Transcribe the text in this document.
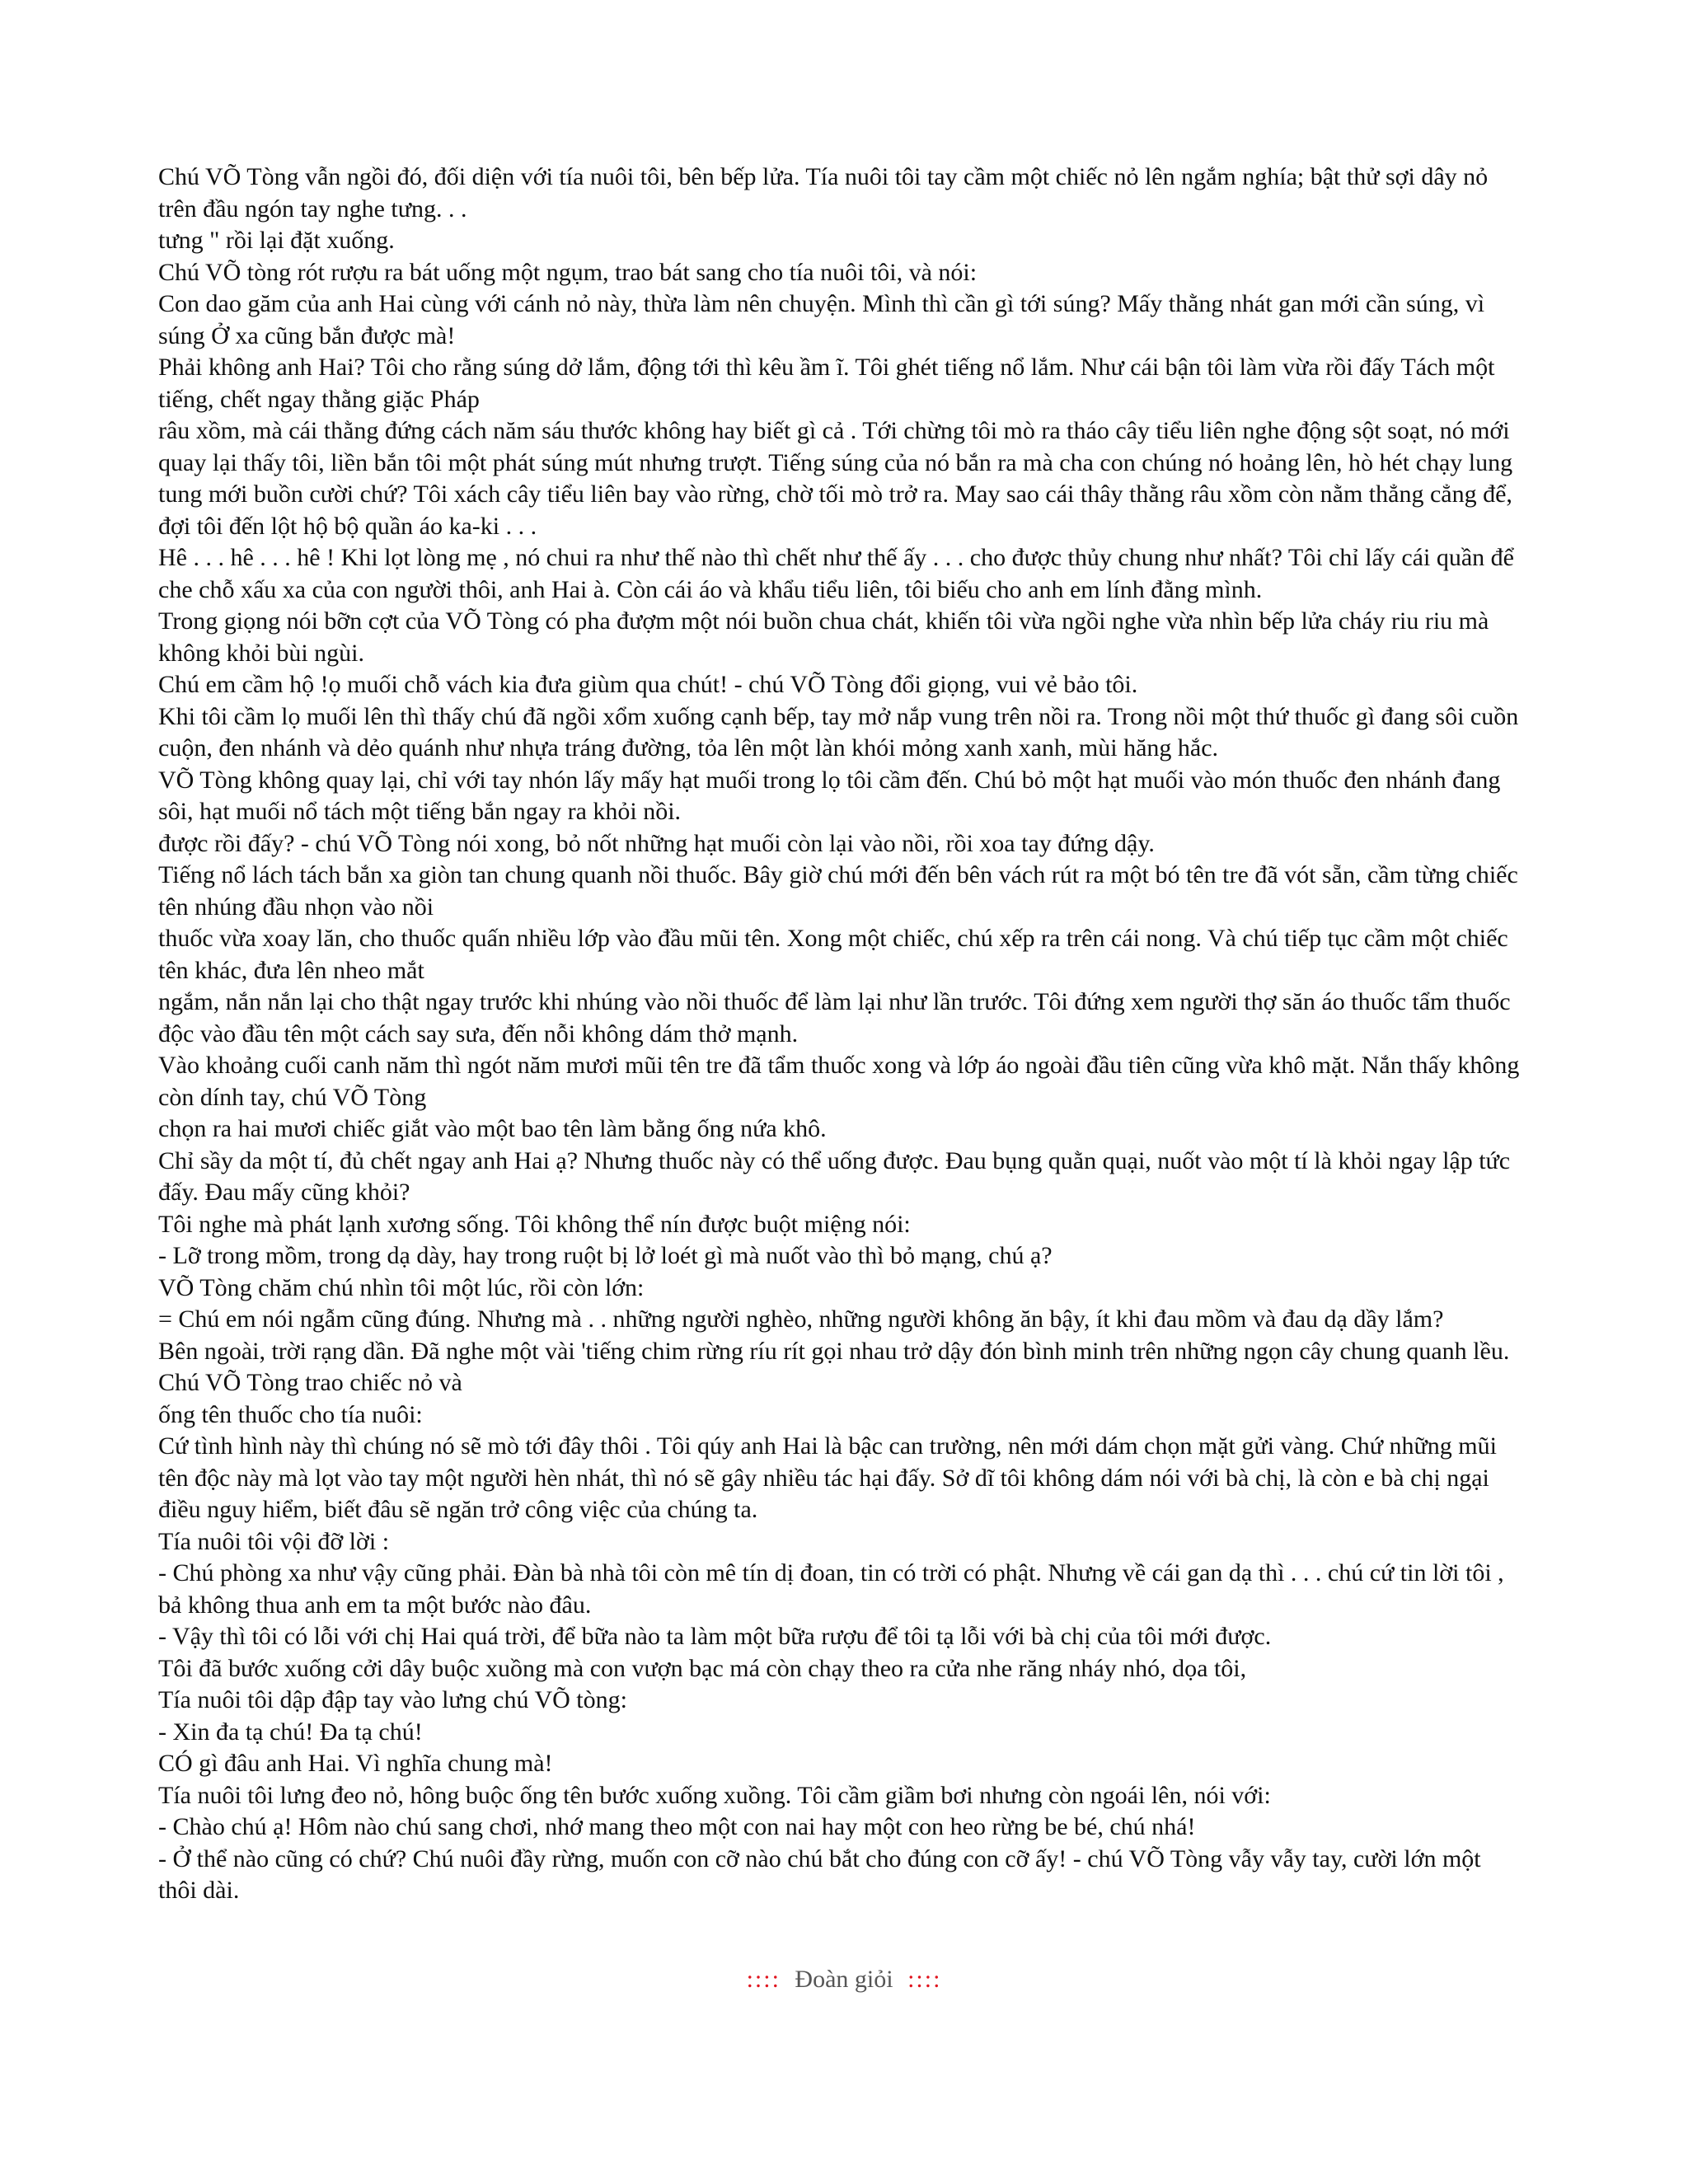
Chú VÕ Tòng vẫn ngồi đó, đối diện với tía nuôi tôi, bên bếp lửa. Tía nuôi tôi tay cầm một chiếc nỏ lên ngắm nghía; bật thử sợi dây nỏ trên đầu ngón tay nghe tưng. . .

tưng " rồi lại đặt xuống.

Chú VÕ tòng rót rượu ra bát uống một ngụm, trao bát sang cho tía nuôi tôi, và nói:

Con dao găm của anh Hai cùng với cánh nỏ này, thừa làm nên chuyện. Mình thì cần gì tới súng? Mấy thằng nhát gan mới cần súng, vì súng Ở xa cũng bắn được mà!

Phải không anh Hai? Tôi cho rằng súng dở lắm, động tới thì kêu ầm ĩ. Tôi ghét tiếng nổ lắm. Như cái bận tôi làm vừa rồi đấy Tách một tiếng, chết ngay thằng giặc Pháp

râu xồm, mà cái thằng đứng cách năm sáu thước không hay biết gì cả . Tới chừng tôi mò ra tháo cây tiểu liên nghe động sột soạt, nó mới quay lại thấy tôi, liền bắn tôi một phát súng mút nhưng trượt. Tiếng súng của nó bắn ra mà cha con chúng nó hoảng lên, hò hét chạy lung tung mới buồn cười chứ? Tôi xách cây tiểu liên bay vào rừng, chờ tối mò trở ra. May sao cái thây thằng râu xồm còn nằm thẳng cẳng để, đợi tôi đến lột hộ bộ quần áo ka-ki . . .

Hê . . . hê . . . hê ! Khi lọt lòng mẹ , nó chui ra như thế nào thì chết như thế ấy . . . cho được thủy chung như nhất? Tôi chỉ lấy cái quần để che chỗ xấu xa của con người thôi, anh Hai à. Còn cái áo và khẩu tiểu liên, tôi biếu cho anh em lính đằng mình.

Trong giọng nói bỡn cợt của VÕ Tòng có pha đượm một nói buồn chua chát, khiến tôi vừa ngồi nghe vừa nhìn bếp lửa cháy riu riu mà không khỏi bùi ngùi.

Chú em cầm hộ !ọ muối chỗ vách kia đưa giùm qua chút! - chú VÕ Tòng đổi giọng, vui vẻ bảo tôi.

Khi tôi cầm lọ muối lên thì thấy chú đã ngồi xổm xuống cạnh bếp, tay mở nắp vung trên nồi ra. Trong nồi một thứ thuốc gì đang sôi cuồn cuộn, đen nhánh và dẻo quánh như nhựa tráng đường, tỏa lên một làn khói mỏng xanh xanh, mùi hăng hắc.

VÕ Tòng không quay lại, chỉ với tay nhón lấy mấy hạt muối trong lọ tôi cầm đến. Chú bỏ một hạt muối vào món thuốc đen nhánh đang sôi, hạt muối nổ tách một tiếng bắn ngay ra khỏi nồi.

được rồi đấy? - chú VÕ Tòng nói xong, bỏ nốt những hạt muối còn lại vào nồi, rồi xoa tay đứng dậy.

Tiếng nổ lách tách bắn xa giòn tan chung quanh nồi thuốc. Bây giờ chú mới đến bên vách rút ra một bó tên tre đã vót sẵn, cầm từng chiếc tên nhúng đầu nhọn vào nồi

thuốc vừa xoay lăn, cho thuốc quấn nhiều lớp vào đầu mũi tên. Xong một chiếc, chú xếp ra trên cái nong. Và chú tiếp tục cầm một chiếc tên khác, đưa lên nheo mắt

ngắm, nắn nắn lại cho thật ngay trước khi nhúng vào nồi thuốc để làm lại như lần trước. Tôi đứng xem người thợ săn áo thuốc tẩm thuốc độc vào đầu tên một cách say sưa, đến nỗi không dám thở mạnh.

Vào khoảng cuối canh năm thì ngót năm mươi mũi tên tre đã tẩm thuốc xong và lớp áo ngoài đầu tiên cũng vừa khô mặt. Nắn thấy không còn dính tay, chú VÕ Tòng

chọn ra hai mươi chiếc giắt vào một bao tên làm bằng ống nứa khô.

Chỉ sầy da một tí, đủ chết ngay anh Hai ạ? Nhưng thuốc này có thể uống được. Đau bụng quằn quại, nuốt vào một tí là khỏi ngay lập tức đấy. Đau mấy cũng khỏi?

Tôi nghe mà phát lạnh xương sống. Tôi không thể nín được buột miệng nói:

- Lỡ trong mồm, trong dạ dày, hay trong ruột bị lở loét gì mà nuốt vào thì bỏ mạng, chú ạ?

VÕ Tòng chăm chú nhìn tôi một lúc, rồi còn lớn:

= Chú em nói ngẫm cũng đúng. Nhưng mà . . những người nghèo, những người không ăn bậy, ít khi đau mồm và đau dạ dầy lắm?

Bên ngoài, trời rạng dần. Đã nghe một vài 'tiếng chim rừng ríu rít gọi nhau trở dậy đón bình minh trên những ngọn cây chung quanh lều. Chú VÕ Tòng trao chiếc nỏ và

ống tên thuốc cho tía nuôi:

Cứ tình hình này thì chúng nó sẽ mò tới đây thôi . Tôi qúy anh Hai là bậc can trường, nên mới dám chọn mặt gửi vàng. Chứ những mũi tên độc này mà lọt vào tay một người hèn nhát, thì nó sẽ gây nhiều tác hại đấy. Sở dĩ tôi không dám nói với bà chị, là còn e bà chị ngại điều nguy hiểm, biết đâu sẽ ngăn trở công việc của chúng ta.

Tía nuôi tôi vội đỡ lời :

- Chú phòng xa như vậy cũng phải. Đàn bà nhà tôi còn mê tín dị đoan, tin có trời có phật. Nhưng về cái gan dạ thì . . . chú cứ tin lời tôi , bả không thua anh em ta một bước nào đâu.

- Vậy thì tôi có lỗi với chị Hai quá trời, để bữa nào ta làm một bữa rượu để tôi tạ lỗi với bà chị của tôi mới được.

Tôi đã bước xuống cởi dây buộc xuồng mà con vượn bạc má còn chạy theo ra cửa nhe răng nháy nhó, dọa tôi,

Tía nuôi tôi dập đập tay vào lưng chú VÕ tòng:

- Xin đa tạ chú! Đa tạ chú!

CÓ gì đâu anh Hai. Vì nghĩa chung mà!

Tía nuôi tôi lưng đeo nỏ, hông buộc ống tên bước xuống xuồng. Tôi cầm giầm bơi nhưng còn ngoái lên, nói với:

- Chào chú ạ! Hôm nào chú sang chơi, nhớ mang theo một con nai hay một con heo rừng be bé, chú nhá!

- Ở thể nào cũng có chứ? Chú nuôi đầy rừng, muốn con cỡ nào chú bắt cho đúng con cỡ ấy! - chú VÕ Tòng vẫy vẫy tay, cười lớn một thôi dài.

:::: Đoàn giỏi ::::
